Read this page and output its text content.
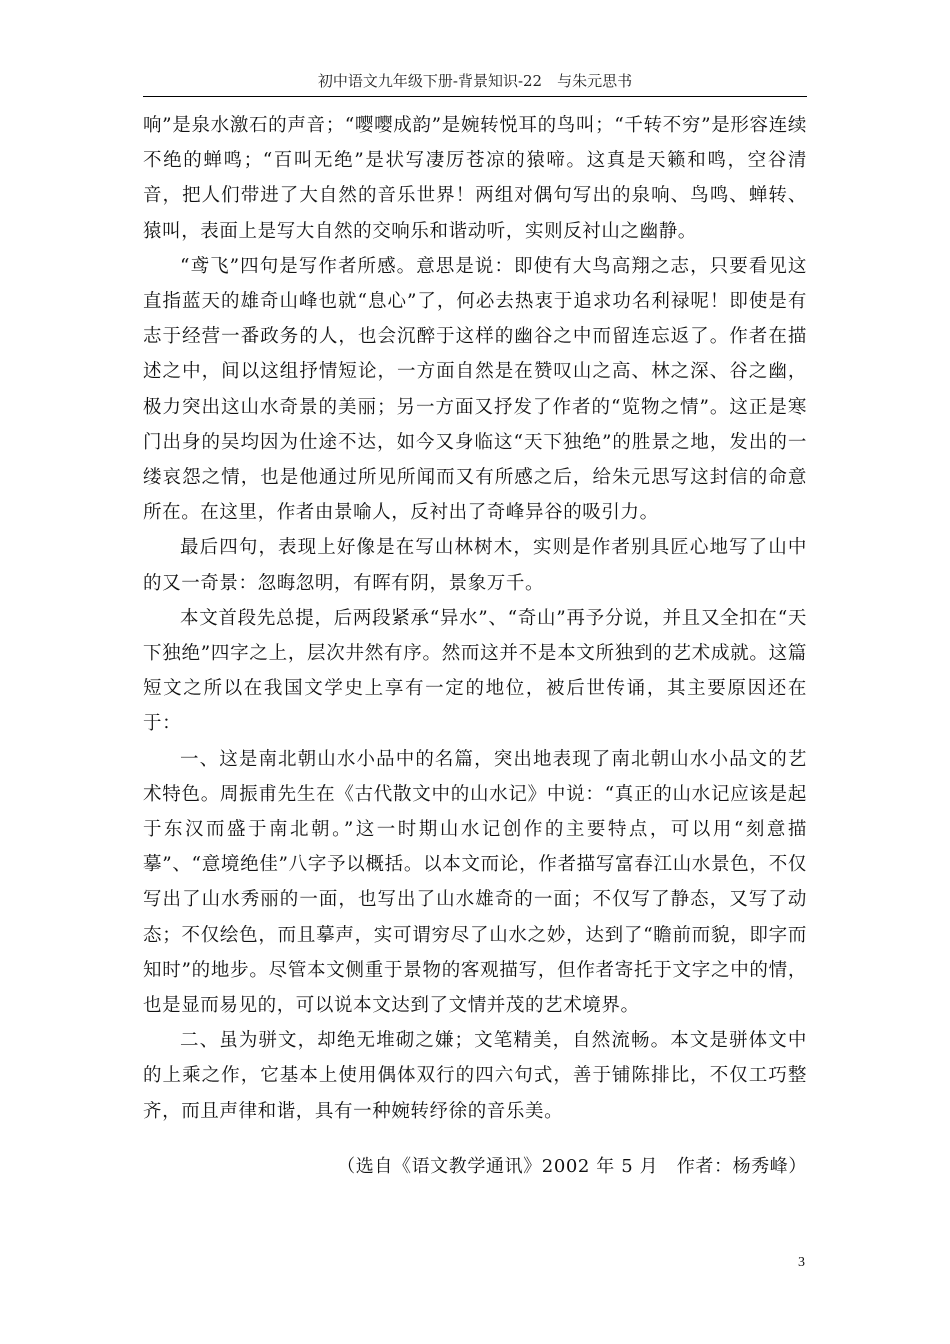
初中语文九年级下册-背景知识-22　与朱元思书

响”是泉水激石的声音；“嘤嘤成韵”是婉转悦耳的鸟叫；“千转不穷”是形容连续不绝的蝉鸣；“百叫无绝”是状写凄厉苍凉的猿啼。这真是天籁和鸣，空谷清音，把人们带进了大自然的音乐世界！两组对偶句写出的泉响、鸟鸣、蝉转、猿叫，表面上是写大自然的交响乐和谐动听，实则反衬山之幽静。

“鸢飞”四句是写作者所感。意思是说：即使有大鸟高翔之志，只要看见这直指蓝天的雄奇山峰也就“息心”了，何必去热衷于追求功名利禄呢！即使是有志于经营一番政务的人，也会沉醉于这样的幽谷之中而留连忘返了。作者在描述之中，间以这组抒情短论，一方面自然是在赞叹山之高、林之深、谷之幽，极力突出这山水奇景的美丽；另一方面又抒发了作者的“览物之情”。这正是寒门出身的吴均因为仕途不达，如今又身临这“天下独绝”的胜景之地，发出的一缕哀怨之情，也是他通过所见所闻而又有所感之后，给朱元思写这封信的命意所在。在这里，作者由景喻人，反衬出了奇峰异谷的吸引力。

最后四句，表现上好像是在写山林树木，实则是作者别具匠心地写了山中的又一奇景：忽晦忽明，有晖有阴，景象万千。

本文首段先总提，后两段紧承“异水”、“奇山”再予分说，并且又全扣在“天下独绝”四字之上，层次井然有序。然而这并不是本文所独到的艺术成就。这篇短文之所以在我国文学史上享有一定的地位，被后世传诵，其主要原因还在于：

一、这是南北朝山水小品中的名篇，突出地表现了南北朝山水小品文的艺术特色。周振甫先生在《古代散文中的山水记》中说：“真正的山水记应该是起于东汉而盛于南北朝。”这一时期山水记创作的主要特点，可以用“刻意描摹”、“意境绝佳”八字予以概括。以本文而论，作者描写富春江山水景色，不仅写出了山水秀丽的一面，也写出了山水雄奇的一面；不仅写了静态，又写了动态；不仅绘色，而且摹声，实可谓穷尽了山水之妙，达到了“瞻前而貌，即字而知时”的地步。尽管本文侧重于景物的客观描写，但作者寄托于文字之中的情，也是显而易见的，可以说本文达到了文情并茂的艺术境界。

二、虽为骈文，却绝无堆砌之嫌；文笔精美，自然流畅。本文是骈体文中的上乘之作，它基本上使用偶体双行的四六句式，善于铺陈排比，不仅工巧整齐，而且声律和谐，具有一种婉转纾徐的音乐美。

（选自《语文教学通讯》2002 年 5 月　作者：杨秀峰）
3
